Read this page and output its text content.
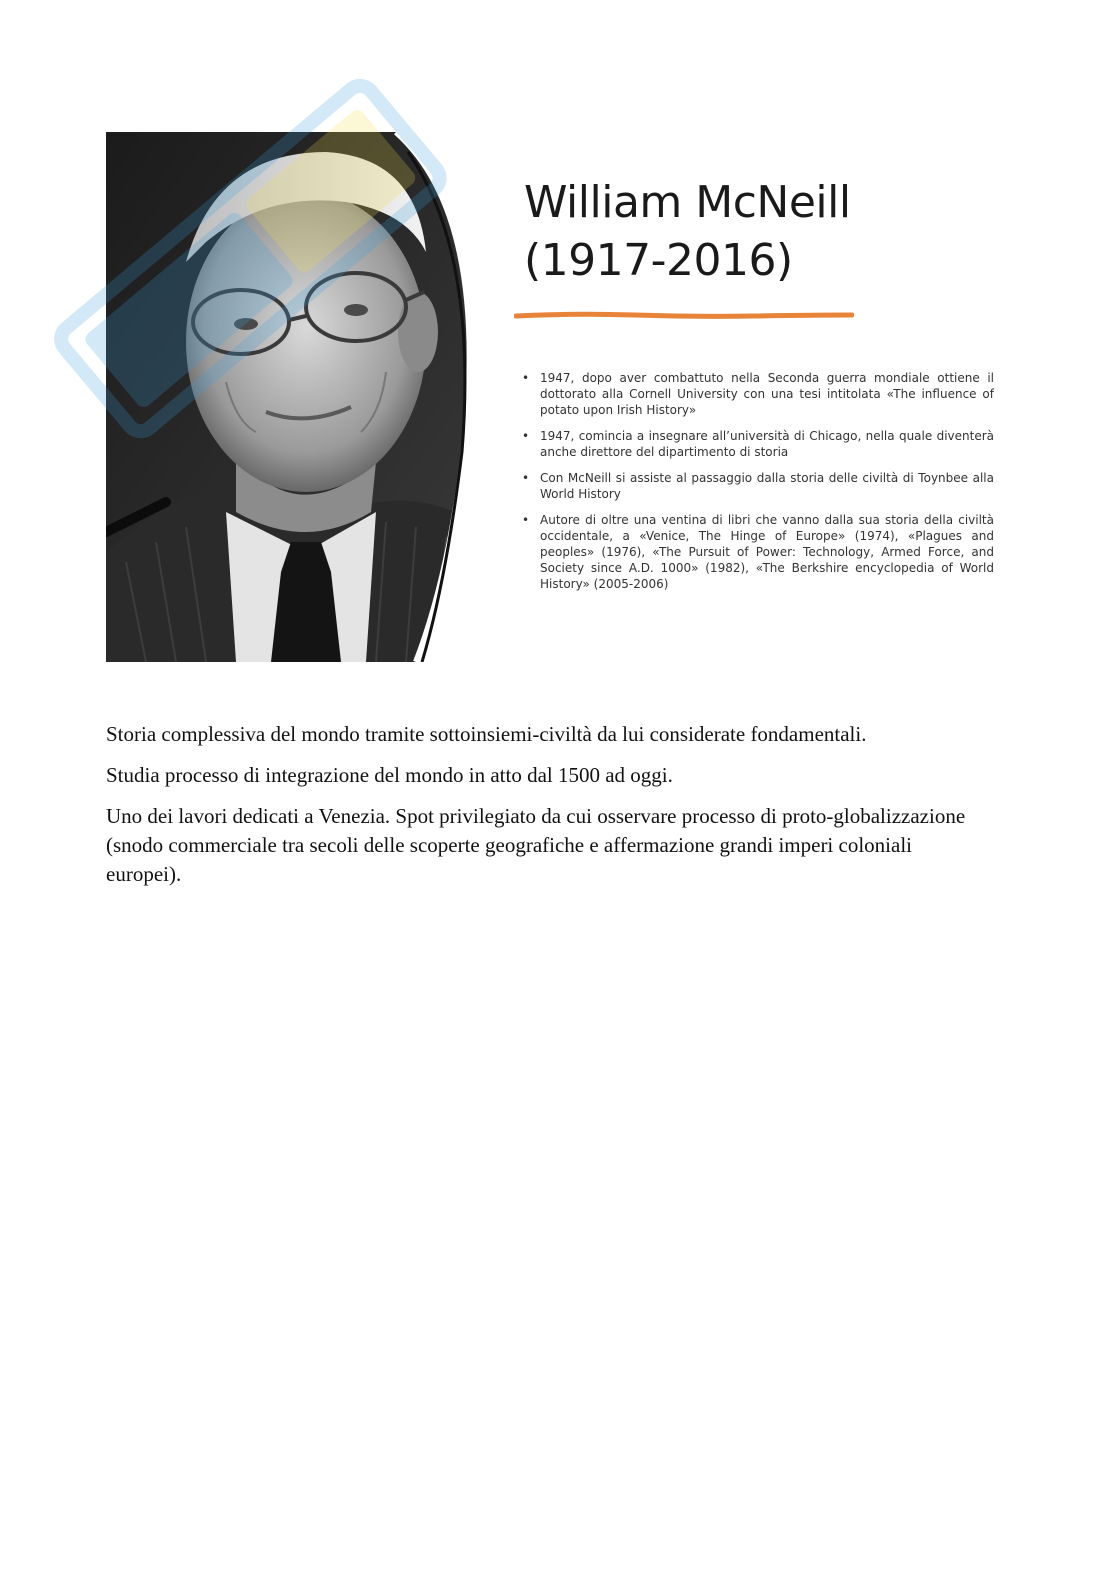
William McNeill
(1917-2016)
• 1947, dopo aver combattuto nella Seconda guerra mondiale ottiene il dottorato alla Cornell University con una tesi intitolata «The influence of potato upon Irish History»
• 1947, comincia a insegnare all’università di Chicago, nella quale diventerà anche direttore del dipartimento di storia
• Con McNeill si assiste al passaggio dalla storia delle civiltà di Toynbee alla World History
• Autore di oltre una ventina di libri che vanno dalla sua storia della civiltà occidentale, a «Venice, The Hinge of Europe» (1974), «Plagues and peoples» (1976), «The Pursuit of Power: Technology, Armed Force, and Society since A.D. 1000» (1982), «The Berkshire encyclopedia of World History» (2005-2006)

Storia complessiva del mondo tramite sottoinsiemi-civiltà da lui considerate fondamentali.

Studia processo di integrazione del mondo in atto dal 1500 ad oggi.

Uno dei lavori dedicati a Venezia. Spot privilegiato da cui osservare processo di proto-globalizzazione (snodo commerciale tra secoli delle scoperte geografiche e affermazione grandi imperi coloniali europei).
